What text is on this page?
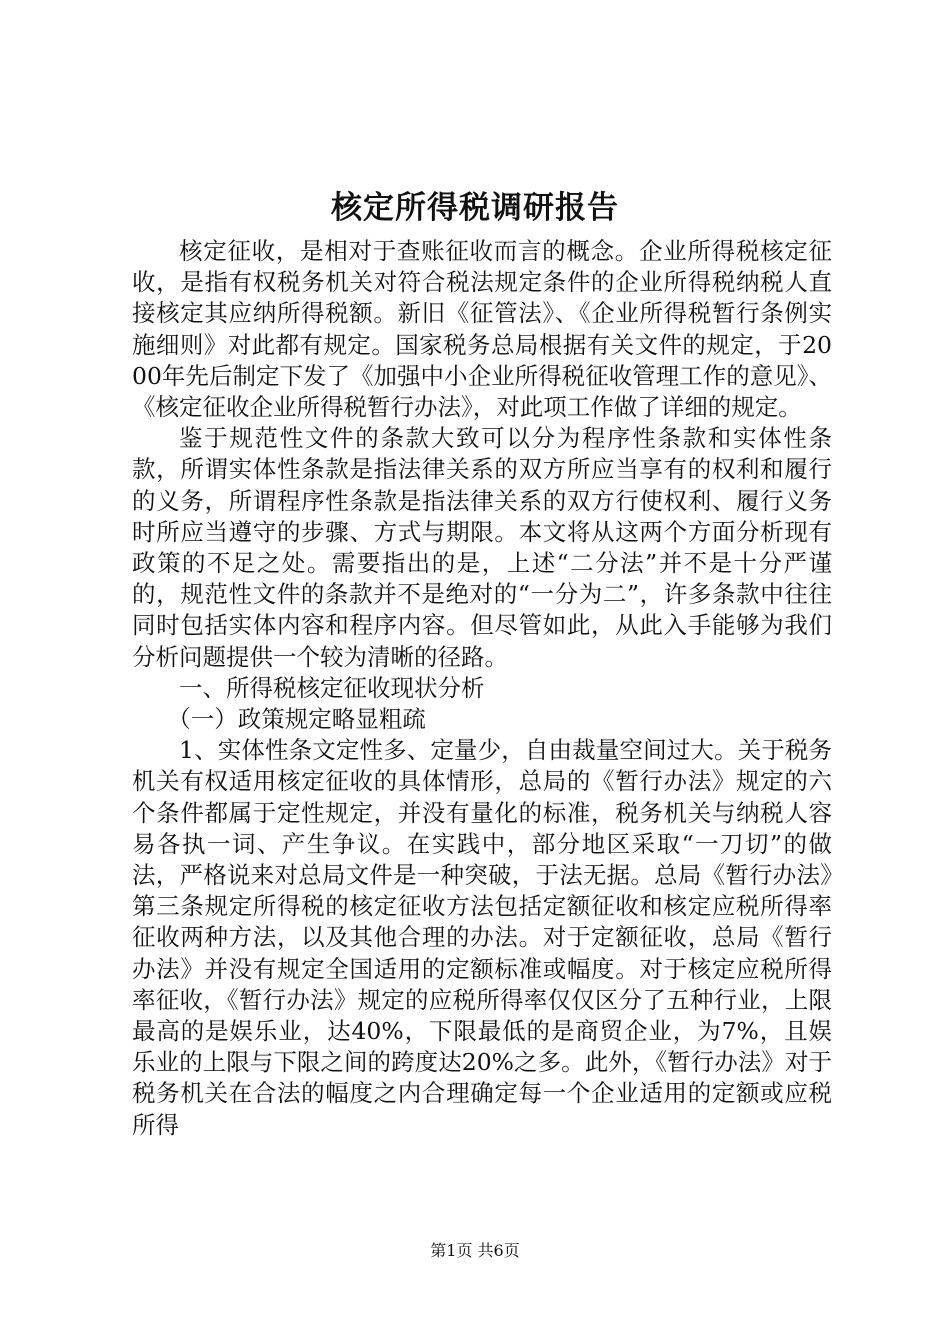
核定所得税调研报告

核定征收，是相对于查账征收而言的概念。企业所得税核定征收，是指有权税务机关对符合税法规定条件的企业所得税纳税人直接核定其应纳所得税额。新旧《征管法》、《企业所得税暂行条例实施细则》对此都有规定。国家税务总局根据有关文件的规定，于2000年先后制定下发了《加强中小企业所得税征收管理工作的意见》、《核定征收企业所得税暂行办法》，对此项工作做了详细的规定。

鉴于规范性文件的条款大致可以分为程序性条款和实体性条款，所谓实体性条款是指法律关系的双方所应当享有的权利和履行的义务，所谓程序性条款是指法律关系的双方行使权利、履行义务时所应当遵守的步骤、方式与期限。本文将从这两个方面分析现有政策的不足之处。需要指出的是，上述“二分法”并不是十分严谨的，规范性文件的条款并不是绝对的“一分为二”，许多条款中往往同时包括实体内容和程序内容。但尽管如此，从此入手能够为我们分析问题提供一个较为清晰的径路。

一、所得税核定征收现状分析

（一）政策规定略显粗疏

1、实体性条文定性多、定量少，自由裁量空间过大。关于税务机关有权适用核定征收的具体情形，总局的《暂行办法》规定的六个条件都属于定性规定，并没有量化的标准，税务机关与纳税人容易各执一词、产生争议。在实践中，部分地区采取“一刀切”的做法，严格说来对总局文件是一种突破，于法无据。总局《暂行办法》第三条规定所得税的核定征收方法包括定额征收和核定应税所得率征收两种方法，以及其他合理的办法。对于定额征收，总局《暂行办法》并没有规定全国适用的定额标准或幅度。对于核定应税所得率征收，《暂行办法》规定的应税所得率仅仅区分了五种行业，上限最高的是娱乐业，达40%，下限最低的是商贸企业，为7%，且娱乐业的上限与下限之间的跨度达20%之多。此外，《暂行办法》对于税务机关在合法的幅度之内合理确定每一个企业适用的定额或应税所得

第1页 共6页
